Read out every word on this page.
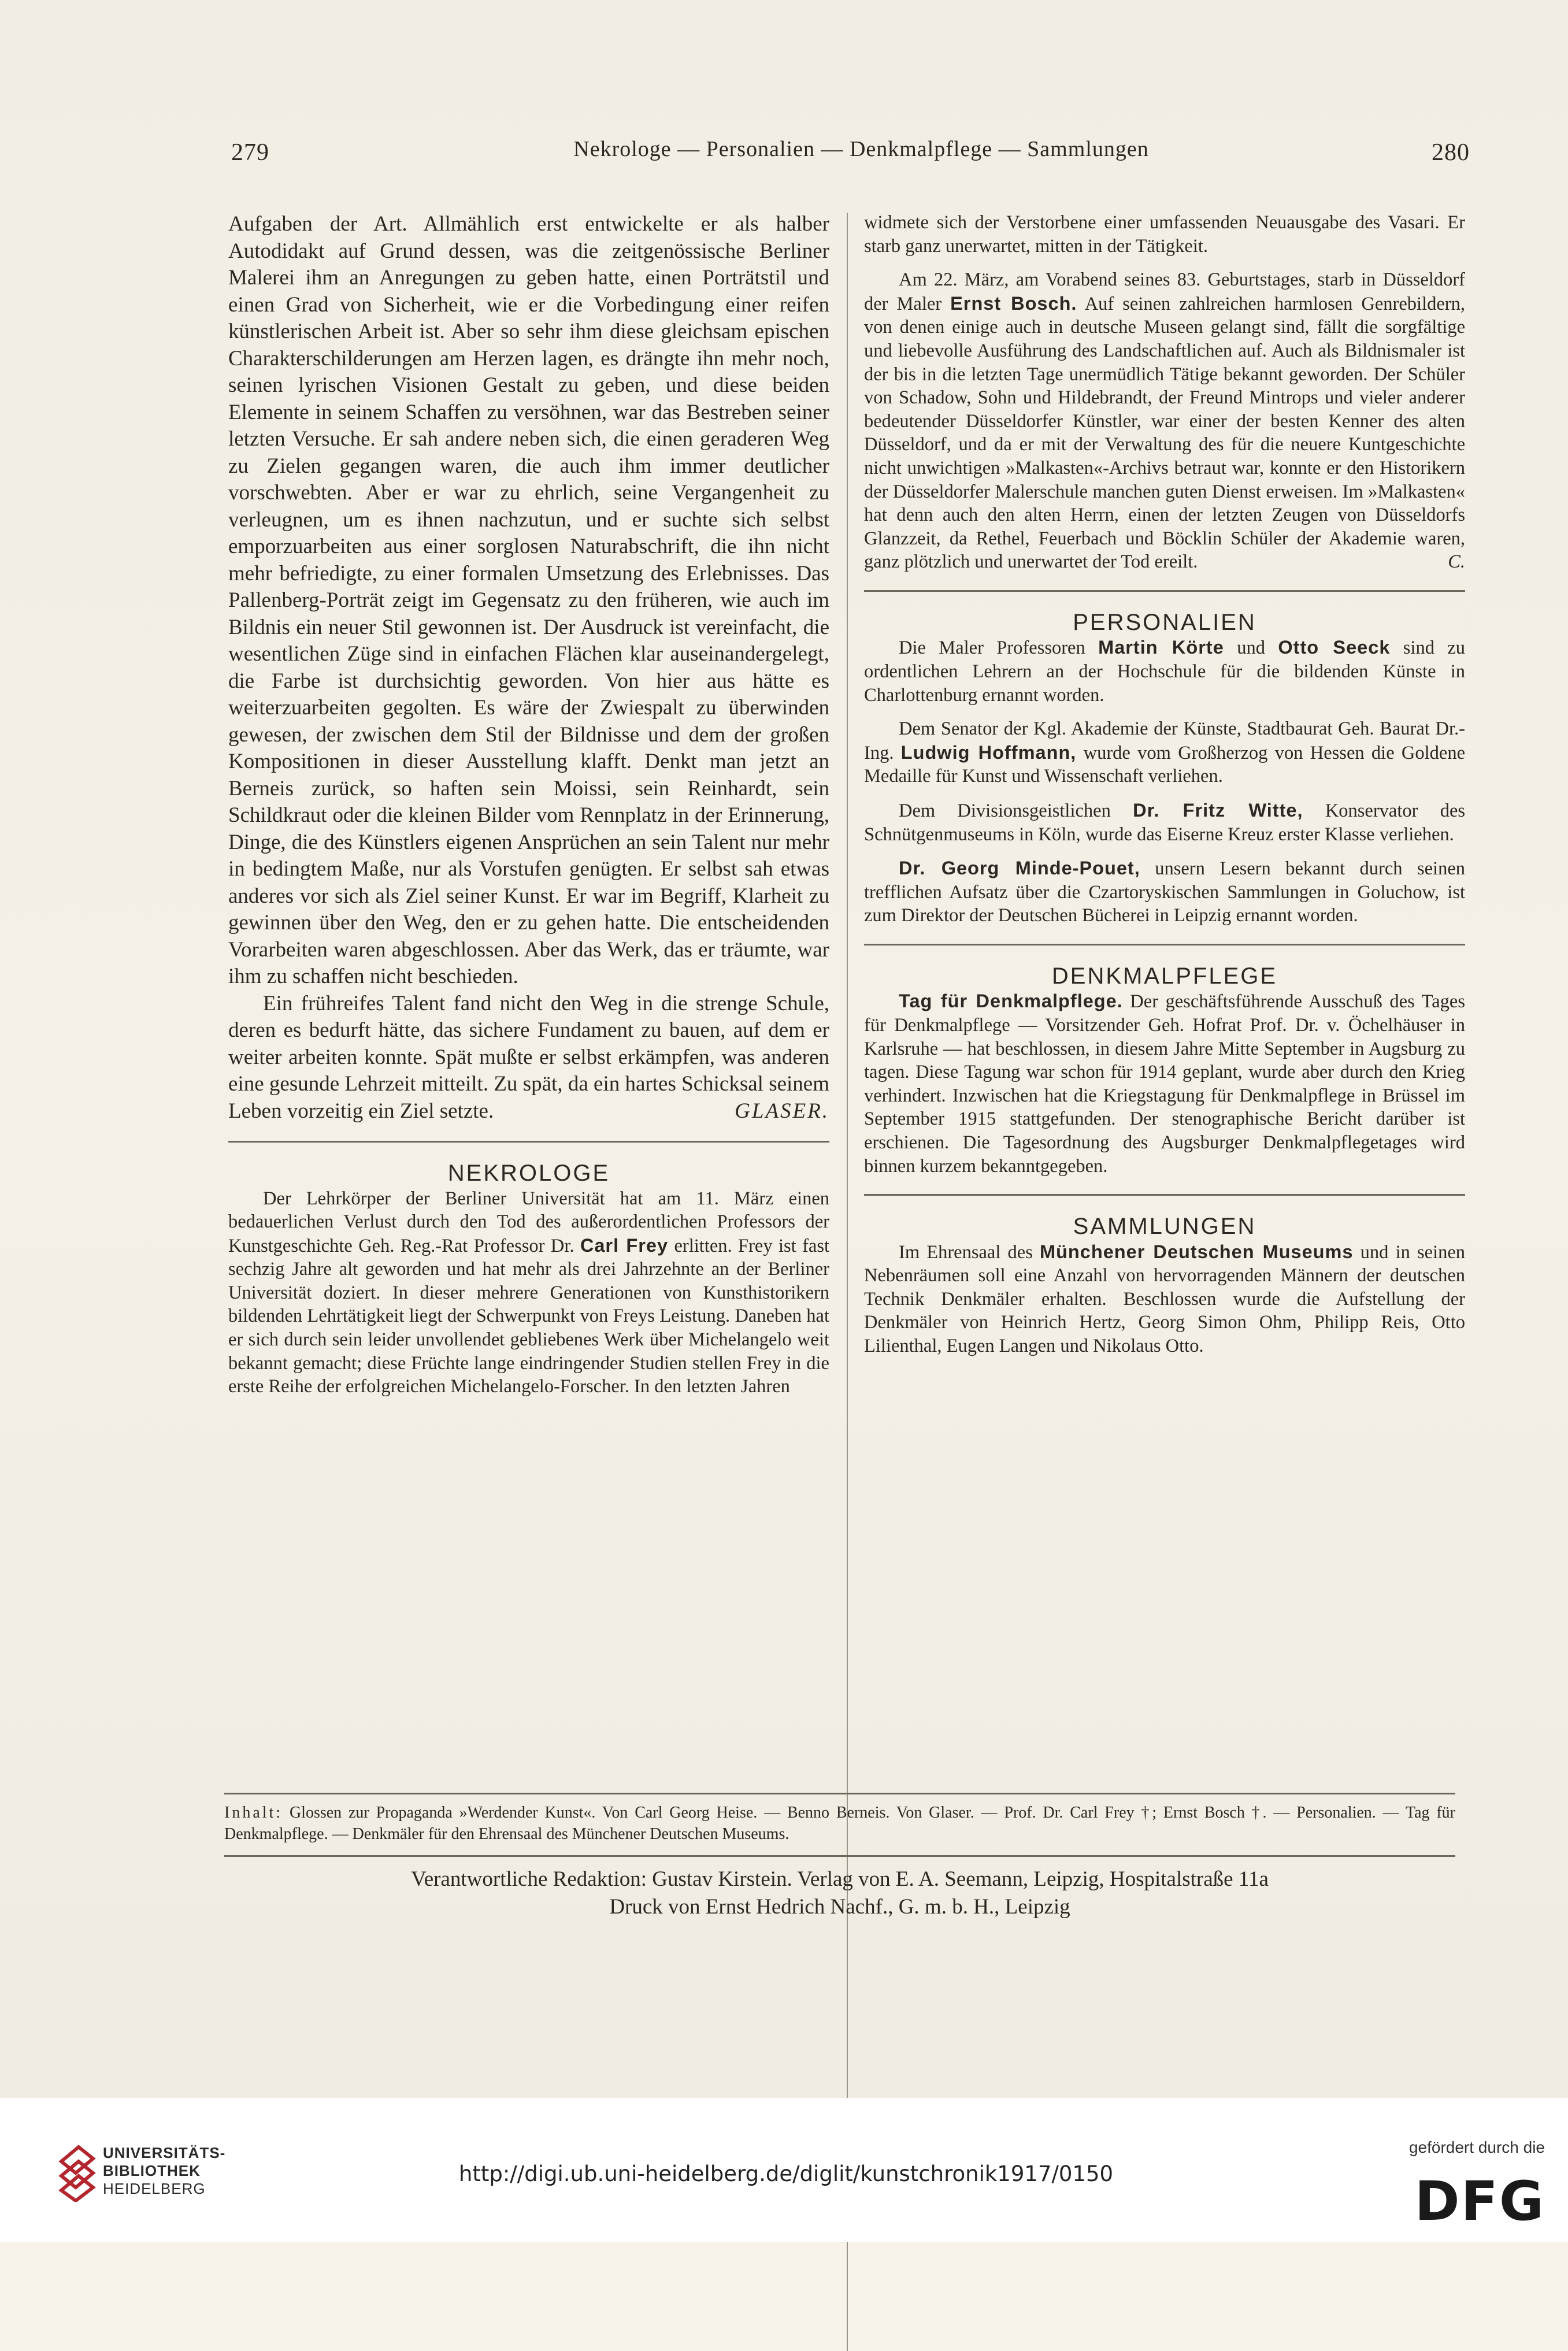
279	Nekrologe — Personalien — Denkmalpflege — Sammlungen	280

Aufgaben der Art. Allmählich erst entwickelte er als halber Autodidakt auf Grund dessen, was die zeitgenössische Berliner Malerei ihm an Anregungen zu geben hatte, einen Porträtstil und einen Grad von Sicherheit, wie er die Vorbedingung einer reifen künstlerischen Arbeit ist. Aber so sehr ihm diese gleichsam epischen Charakterschilderungen am Herzen lagen, es drängte ihn mehr noch, seinen lyrischen Visionen Gestalt zu geben, und diese beiden Elemente in seinem Schaffen zu versöhnen, war das Bestreben seiner letzten Versuche. Er sah andere neben sich, die einen geraderen Weg zu Zielen gegangen waren, die auch ihm immer deutlicher vorschwebten. Aber er war zu ehrlich, seine Vergangenheit zu verleugnen, um es ihnen nachzutun, und er suchte sich selbst emporzuarbeiten aus einer sorglosen Naturabschrift, die ihn nicht mehr befriedigte, zu einer formalen Umsetzung des Erlebnisses. Das Pallenberg-Porträt zeigt im Gegensatz zu den früheren, wie auch im Bildnis ein neuer Stil gewonnen ist. Der Ausdruck ist vereinfacht, die wesentlichen Züge sind in einfachen Flächen klar auseinandergelegt, die Farbe ist durchsichtig geworden. Von hier aus hätte es weiterzuarbeiten gegolten. Es wäre der Zwiespalt zu überwinden gewesen, der zwischen dem Stil der Bildnisse und dem der großen Kompositionen in dieser Ausstellung klafft. Denkt man jetzt an Berneis zurück, so haften sein Moissi, sein Reinhardt, sein Schildkraut oder die kleinen Bilder vom Rennplatz in der Erinnerung, Dinge, die des Künstlers eigenen Ansprüchen an sein Talent nur mehr in bedingtem Maße, nur als Vorstufen genügten. Er selbst sah etwas anderes vor sich als Ziel seiner Kunst. Er war im Begriff, Klarheit zu gewinnen über den Weg, den er zu gehen hatte. Die entscheidenden Vorarbeiten waren abgeschlossen. Aber das Werk, das er träumte, war ihm zu schaffen nicht beschieden.

Ein frühreifes Talent fand nicht den Weg in die strenge Schule, deren es bedurft hätte, das sichere Fundament zu bauen, auf dem er weiter arbeiten konnte. Spät mußte er selbst erkämpfen, was anderen eine gesunde Lehrzeit mitteilt. Zu spät, da ein hartes Schicksal seinem Leben vorzeitig ein Ziel setzte.	GLASER.

NEKROLOGE

Der Lehrkörper der Berliner Universität hat am 11. März einen bedauerlichen Verlust durch den Tod des außerordentlichen Professors der Kunstgeschichte Geh. Reg.-Rat Professor Dr. Carl Frey erlitten. Frey ist fast sechzig Jahre alt geworden und hat mehr als drei Jahrzehnte an der Berliner Universität doziert. In dieser mehrere Generationen von Kunsthistorikern bildenden Lehrtätigkeit liegt der Schwerpunkt von Freys Leistung. Daneben hat er sich durch sein leider unvollendet gebliebenes Werk über Michelangelo weit bekannt gemacht; diese Früchte lange eindringender Studien stellen Frey in die erste Reihe der erfolgreichen Michelangelo-Forscher. In den letzten Jahren

widmete sich der Verstorbene einer umfassenden Neuausgabe des Vasari. Er starb ganz unerwartet, mitten in der Tätigkeit.

Am 22. März, am Vorabend seines 83. Geburtstages, starb in Düsseldorf der Maler Ernst Bosch. Auf seinen zahlreichen harmlosen Genrebildern, von denen einige auch in deutsche Museen gelangt sind, fällt die sorgfältige und liebevolle Ausführung des Landschaftlichen auf. Auch als Bildnismaler ist der bis in die letzten Tage unermüdlich Tätige bekannt geworden. Der Schüler von Schadow, Sohn und Hildebrandt, der Freund Mintrops und vieler anderer bedeutender Düsseldorfer Künstler, war einer der besten Kenner des alten Düsseldorf, und da er mit der Verwaltung des für die neuere Kuntgeschichte nicht unwichtigen »Malkasten«-Archivs betraut war, konnte er den Historikern der Düsseldorfer Malerschule manchen guten Dienst erweisen. Im »Malkasten« hat denn auch den alten Herrn, einen der letzten Zeugen von Düsseldorfs Glanzzeit, da Rethel, Feuerbach und Böcklin Schüler der Akademie waren, ganz plötzlich und unerwartet der Tod ereilt.	C.

PERSONALIEN

Die Maler Professoren Martin Körte und Otto Seeck sind zu ordentlichen Lehrern an der Hochschule für die bildenden Künste in Charlottenburg ernannt worden.

Dem Senator der Kgl. Akademie der Künste, Stadtbaurat Geh. Baurat Dr.-Ing. Ludwig Hoffmann, wurde vom Großherzog von Hessen die Goldene Medaille für Kunst und Wissenschaft verliehen.

Dem Divisionsgeistlichen Dr. Fritz Witte, Konservator des Schnütgenmuseums in Köln, wurde das Eiserne Kreuz erster Klasse verliehen.

Dr. Georg Minde-Pouet, unsern Lesern bekannt durch seinen trefflichen Aufsatz über die Czartoryskischen Sammlungen in Goluchow, ist zum Direktor der Deutschen Bücherei in Leipzig ernannt worden.

DENKMALPFLEGE

Tag für Denkmalpflege. Der geschäftsführende Ausschuß des Tages für Denkmalpflege — Vorsitzender Geh. Hofrat Prof. Dr. v. Öchelhäuser in Karlsruhe — hat beschlossen, in diesem Jahre Mitte September in Augsburg zu tagen. Diese Tagung war schon für 1914 geplant, wurde aber durch den Krieg verhindert. Inzwischen hat die Kriegstagung für Denkmalpflege in Brüssel im September 1915 stattgefunden. Der stenographische Bericht darüber ist erschienen. Die Tagesordnung des Augsburger Denkmalpflegetages wird binnen kurzem bekanntgegeben.

SAMMLUNGEN

Im Ehrensaal des Münchener Deutschen Museums und in seinen Nebenräumen soll eine Anzahl von hervorragenden Männern der deutschen Technik Denkmäler erhalten. Beschlossen wurde die Aufstellung der Denkmäler von Heinrich Hertz, Georg Simon Ohm, Philipp Reis, Otto Lilienthal, Eugen Langen und Nikolaus Otto.

Inhalt: Glossen zur Propaganda »Werdender Kunst«. Von Carl Georg Heise. — Benno Berneis. Von Glaser. — Prof. Dr. Carl Frey †; Ernst Bosch †. — Personalien. — Tag für Denkmalpflege. — Denkmäler für den Ehrensaal des Münchener Deutschen Museums.
Verantwortliche Redaktion: Gustav Kirstein. Verlag von E. A. Seemann, Leipzig, Hospitalstraße 11a
Druck von Ernst Hedrich Nachf., G. m. b. H., Leipzig
UNIVERSITÄTS-
BIBLIOTHEK
HEIDELBERG
http://digi.ub.uni-heidelberg.de/diglit/kunstchronik1917/0150
gefördert durch die
DFG
